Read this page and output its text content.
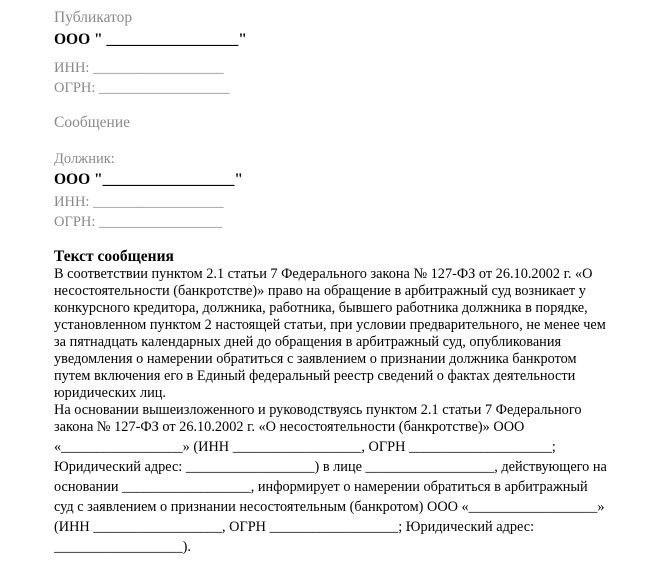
Публикатор
ООО " _________________"
ИНН: __________________
ОГРН: __________________
Сообщение
Должник:
ООО "_________________"
ИНН: __________________
ОГРН: _________________
Текст сообщения
В соответствии пунктом 2.1 статьи 7 Федерального закона № 127-ФЗ от 26.10.2002 г. «О
несостоятельности (банкротстве)» право на обращение в арбитражный суд возникает у
конкурсного кредитора, должника, работника, бывшего работника должника в порядке,
установленном пунктом 2 настоящей статьи, при условии предварительного, не менее чем
за пятнадцать календарных дней до обращения в арбитражный суд, опубликования
уведомления о намерении обратиться с заявлением о признании должника банкротом
путем включения его в Единый федеральный реестр сведений о фактах деятельности
юридических лиц.
На основании вышеизложенного и руководствуясь пунктом 2.1 статьи 7 Федерального
закона № 127-ФЗ от 26.10.2002 г. «О несостоятельности (банкротстве)» ООО
«_________________» (ИНН __________________, ОГРН ____________________;
Юридический адрес: __________________) в лице __________________, действующего на
основании __________________, информирует о намерении обратиться в арбитражный
суд с заявлением о признании несостоятельным (банкротом) ООО «__________________»
(ИНН __________________, ОГРН __________________; Юридический адрес:
__________________).
